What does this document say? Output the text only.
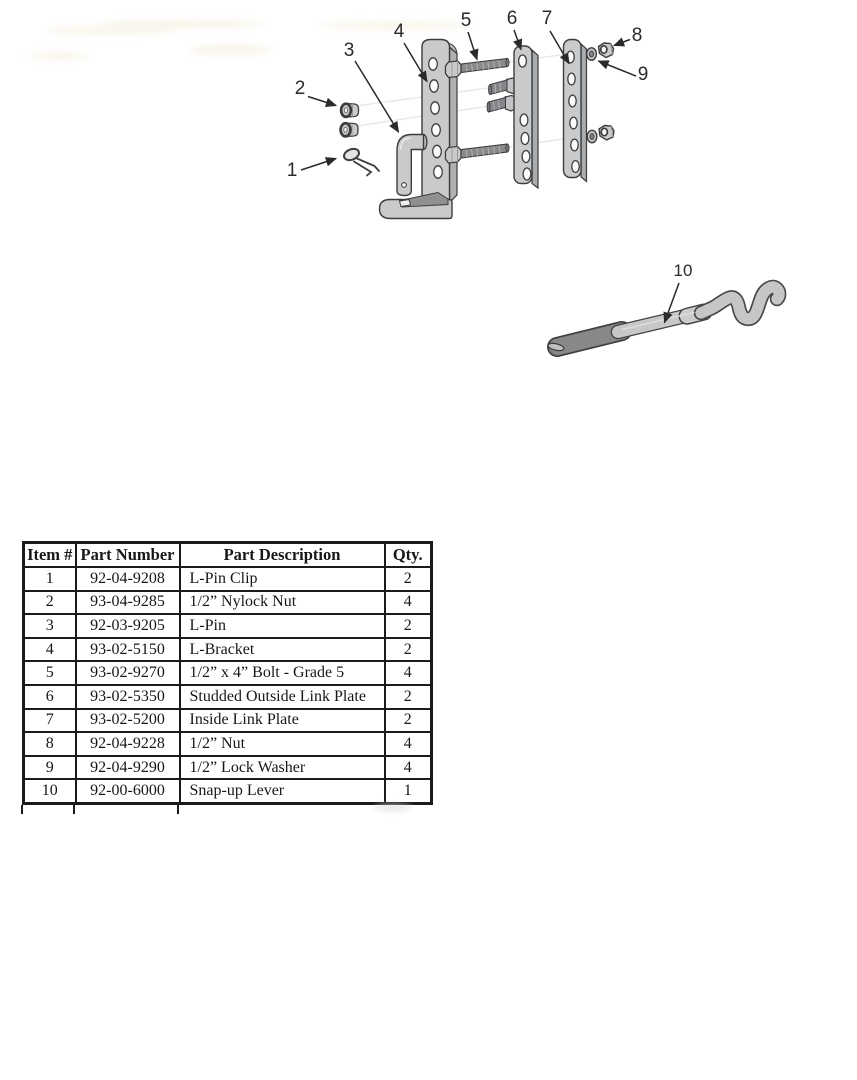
1
2
3
4
5 6 7
8
9
10
Item #	Part Number	Part Description	Qty.
1	92-04-9208	L-Pin Clip	2
2	93-04-9285	1/2” Nylock Nut	4
3	92-03-9205	L-Pin	2
4	93-02-5150	L-Bracket	2
5	93-02-9270	1/2” x 4” Bolt - Grade 5	4
6	93-02-5350	Studded Outside Link Plate	2
7	93-02-5200	Inside Link Plate	2
8	92-04-9228	1/2” Nut	4
9	92-04-9290	1/2” Lock Washer	4
10	92-00-6000	Snap-up Lever	1
